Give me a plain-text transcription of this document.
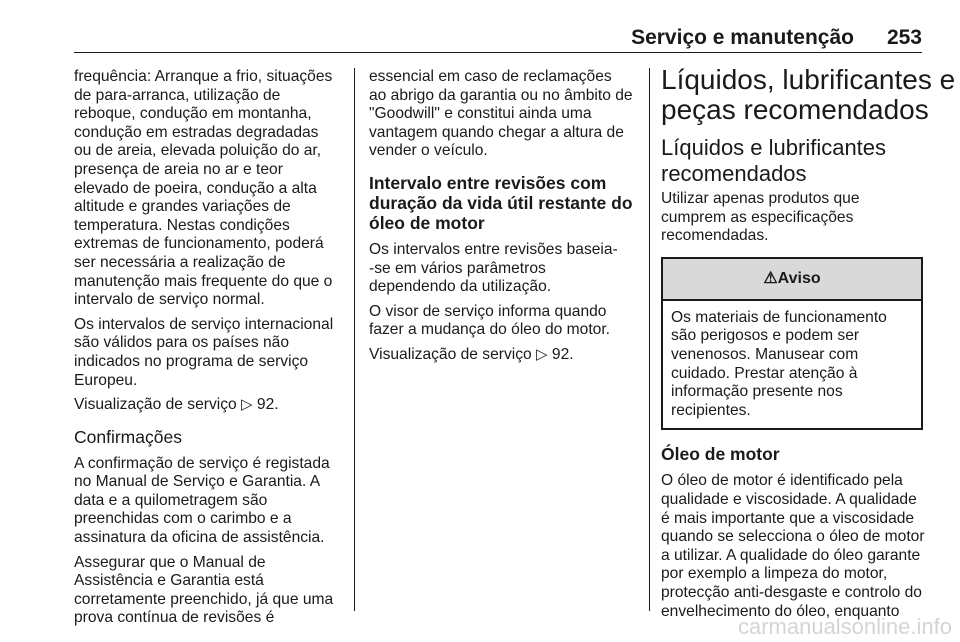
Serviço e manutenção 253

frequência: Arranque a frio, situações
de para-arranca, utilização de
reboque, condução em montanha,
condução em estradas degradadas
ou de areia, elevada poluição do ar,
presença de areia no ar e teor
elevado de poeira, condução a alta
altitude e grandes variações de
temperatura. Nestas condições
extremas de funcionamento, poderá
ser necessária a realização de
manutenção mais frequente do que o
intervalo de serviço normal.

Os intervalos de serviço internacional
são válidos para os países não
indicados no programa de serviço
Europeu.

Visualização de serviço ▷ 92.

Confirmações

A confirmação de serviço é registada
no Manual de Serviço e Garantia. A
data e a quilometragem são
preenchidas com o carimbo e a
assinatura da oficina de assistência.

Assegurar que o Manual de
Assistência e Garantia está
corretamente preenchido, já que uma
prova contínua de revisões é

essencial em caso de reclamações
ao abrigo da garantia ou no âmbito de
"Goodwill" e constitui ainda uma
vantagem quando chegar a altura de
vender o veículo.

Intervalo entre revisões com
duração da vida útil restante do
óleo de motor

Os intervalos entre revisões baseia-
-se em vários parâmetros
dependendo da utilização.

O visor de serviço informa quando
fazer a mudança do óleo do motor.

Visualização de serviço ▷ 92.

Líquidos, lubrificantes e
peças recomendados
Líquidos e lubrificantes
recomendados

Utilizar apenas produtos que
cumprem as especificações
recomendadas.

⚠Aviso
Os materiais de funcionamento
são perigosos e podem ser
venenosos. Manusear com
cuidado. Prestar atenção à
informação presente nos
recipientes.
Óleo de motor

O óleo de motor é identificado pela
qualidade e viscosidade. A qualidade
é mais importante que a viscosidade
quando se selecciona o óleo de motor
a utilizar. A qualidade do óleo garante
por exemplo a limpeza do motor,
protecção anti-desgaste e controlo do
envelhecimento do óleo, enquanto

carmanualsonline.info
